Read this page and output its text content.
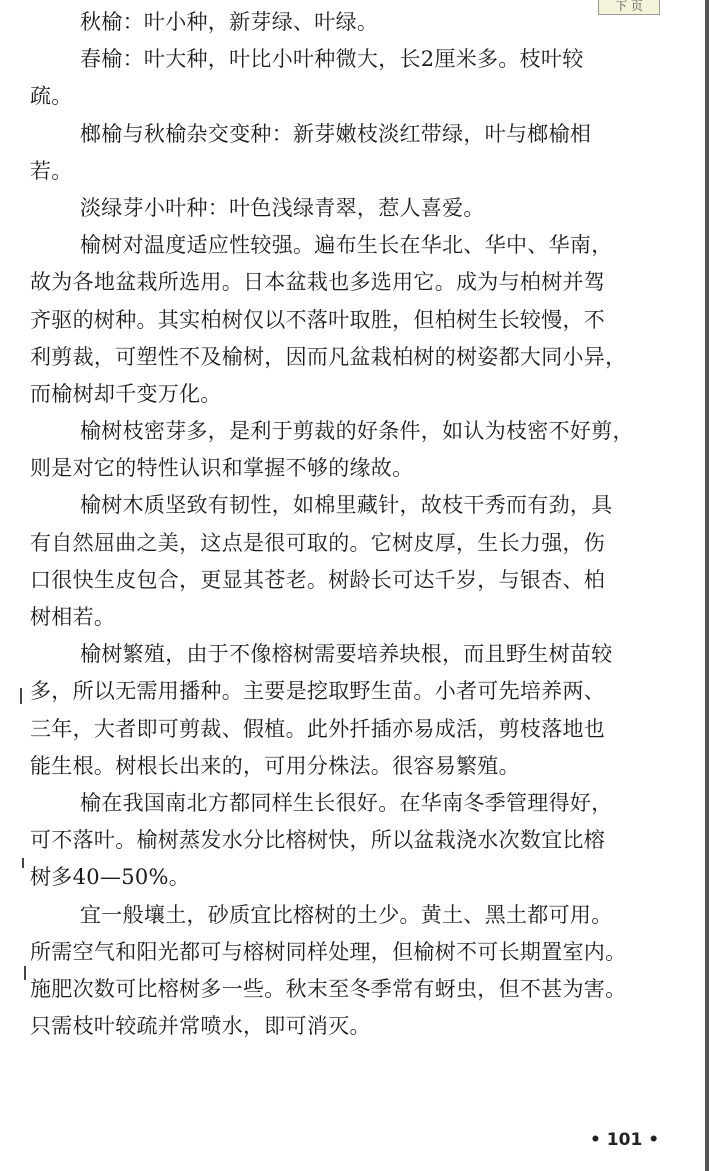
下 页
秋榆：叶小种，新芽绿、叶绿。
春榆：叶大种，叶比小叶种微大，长2厘米多。枝叶较
疏。
榔榆与秋榆杂交变种：新芽嫩枝淡红带绿，叶与榔榆相
若。
淡绿芽小叶种：叶色浅绿青翠，惹人喜爱。
榆树对温度适应性较强。遍布生长在华北、华中、华南，
故为各地盆栽所选用。日本盆栽也多选用它。成为与柏树并驾
齐驱的树种。其实柏树仅以不落叶取胜，但柏树生长较慢，不
利剪裁，可塑性不及榆树，因而凡盆栽柏树的树姿都大同小异，
而榆树却千变万化。
榆树枝密芽多，是利于剪裁的好条件，如认为枝密不好剪，
则是对它的特性认识和掌握不够的缘故。
榆树木质坚致有韧性，如棉里藏针，故枝干秀而有劲，具
有自然屈曲之美，这点是很可取的。它树皮厚，生长力强，伤
口很快生皮包合，更显其苍老。树龄长可达千岁，与银杏、柏
树相若。
榆树繁殖，由于不像榕树需要培养块根，而且野生树苗较
多，所以无需用播种。主要是挖取野生苗。小者可先培养两、
三年，大者即可剪裁、假植。此外扦插亦易成活，剪枝落地也
能生根。树根长出来的，可用分株法。很容易繁殖。
榆在我国南北方都同样生长很好。在华南冬季管理得好，
可不落叶。榆树蒸发水分比榕树快，所以盆栽浇水次数宜比榕
树多40—50%。
宜一般壤土，砂质宜比榕树的土少。黄土、黑土都可用。
所需空气和阳光都可与榕树同样处理，但榆树不可长期置室内。
施肥次数可比榕树多一些。秋末至冬季常有蚜虫，但不甚为害。
只需枝叶较疏并常喷水，即可消灭。
• 101 •
